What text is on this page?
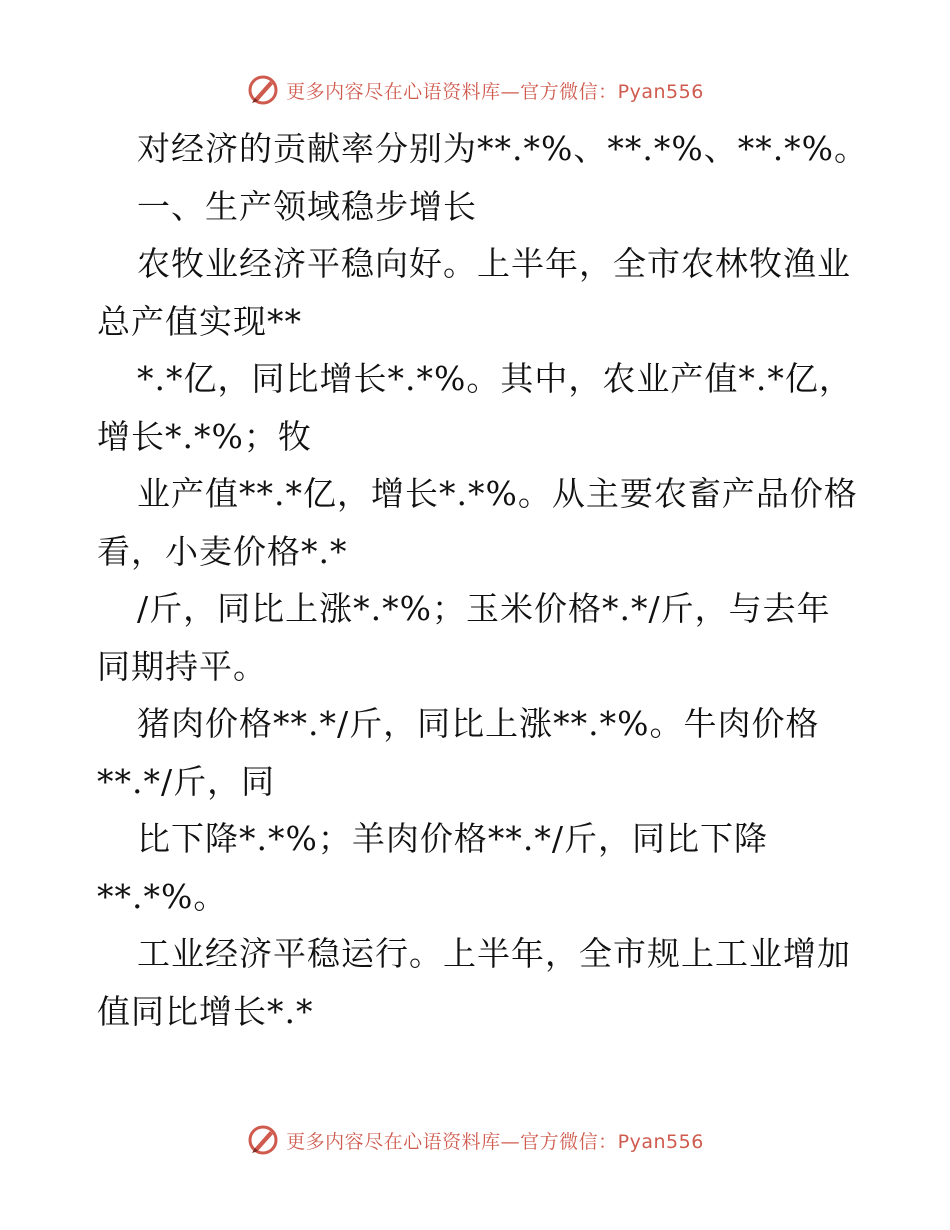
更多内容尽在心语资料库—官方微信：Pyan556
对经济的贡献率分别为**.*%、**.*%、**.*%。
一、生产领域稳步增长
农牧业经济平稳向好。上半年，全市农林牧渔业
总产值实现**
*.*亿，同比增长*.*%。其中，农业产值*.*亿，
增长*.*%；牧
业产值**.*亿，增长*.*%。从主要农畜产品价格
看，小麦价格*.*
/斤，同比上涨*.*%；玉米价格*.*/斤，与去年
同期持平。
猪肉价格**.*/斤，同比上涨**.*%。牛肉价格
**.*/斤，同
比下降*.*%；羊肉价格**.*/斤，同比下降
**.*%。
工业经济平稳运行。上半年，全市规上工业增加
值同比增长*.*
更多内容尽在心语资料库—官方微信：Pyan556
